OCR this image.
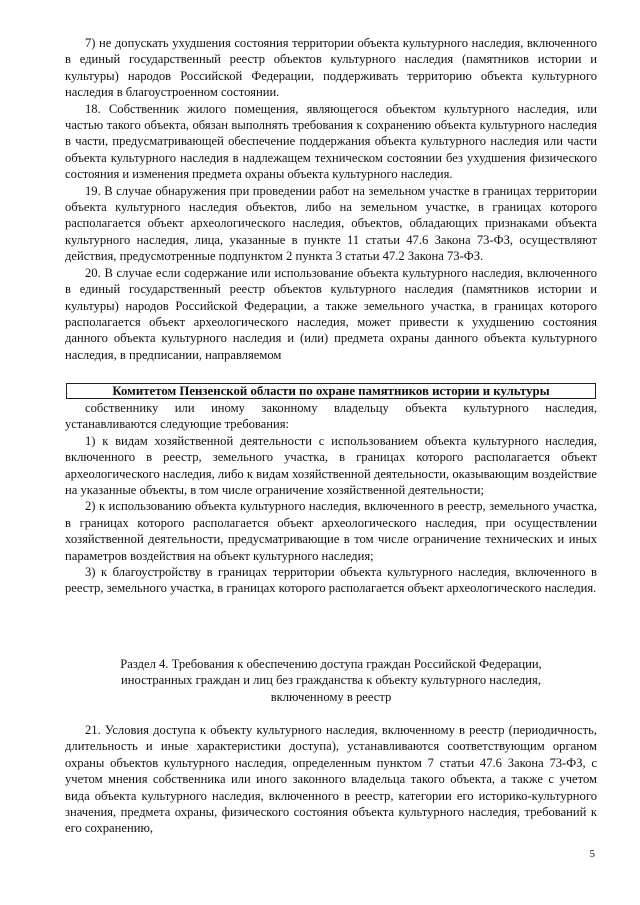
7) не допускать ухудшения состояния территории объекта культурного наследия, включенного в единый государственный реестр объектов культурного наследия (памятников истории и культуры) народов Российской Федерации, поддерживать территорию объекта культурного наследия в благоустроенном состоянии.

18. Собственник жилого помещения, являющегося объектом культурного наследия, или частью такого объекта, обязан выполнять требования к сохранению объекта культурного наследия в части, предусматривающей обеспечение поддержания объекта культурного наследия или части объекта культурного наследия в надлежащем техническом состоянии без ухудшения физического состояния и изменения предмета охраны объекта культурного наследия.

19. В случае обнаружения при проведении работ на земельном участке в границах территории объекта культурного наследия объектов, либо на земельном участке, в границах которого располагается объект археологического наследия, объектов, обладающих признаками объекта культурного наследия, лица, указанные в пункте 11 статьи 47.6 Закона 73-ФЗ, осуществляют действия, предусмотренные подпунктом 2 пункта 3 статьи 47.2 Закона 73-ФЗ.

20. В случае если содержание или использование объекта культурного наследия, включенного в единый государственный реестр объектов культурного наследия (памятников истории и культуры) народов Российской Федерации, а также земельного участка, в границах которого располагается объект археологического наследия, может привести к ухудшению состояния данного объекта культурного наследия и (или) предмета охраны данного объекта культурного наследия, в предписании, направляемом

Комитетом Пензенской области по охране памятников истории и культуры

собственнику или иному законному владельцу объекта культурного наследия, устанавливаются следующие требования:

1) к видам хозяйственной деятельности с использованием объекта культурного наследия, включенного в реестр, земельного участка, в границах которого располагается объект археологического наследия, либо к видам хозяйственной деятельности, оказывающим воздействие на указанные объекты, в том числе ограничение хозяйственной деятельности;

2) к использованию объекта культурного наследия, включенного в реестр, земельного участка, в границах которого располагается объект археологического наследия, при осуществлении хозяйственной деятельности, предусматривающие в том числе ограничение технических и иных параметров воздействия на объект культурного наследия;

3) к благоустройству в границах территории объекта культурного наследия, включенного в реестр, земельного участка, в границах которого располагается объект археологического наследия.

Раздел 4. Требования к обеспечению доступа граждан Российской Федерации,
иностранных граждан и лиц без гражданства к объекту культурного наследия,
включенному в реестр

21. Условия доступа к объекту культурного наследия, включенному в реестр (периодичность, длительность и иные характеристики доступа), устанавливаются соответствующим органом охраны объектов культурного наследия, определенным пунктом 7 статьи 47.6 Закона 73-ФЗ, с учетом мнения собственника или иного законного владельца такого объекта, а также с учетом вида объекта культурного наследия, включенного в реестр, категории его историко-культурного значения, предмета охраны, физического состояния объекта культурного наследия, требований к его сохранению,

5
